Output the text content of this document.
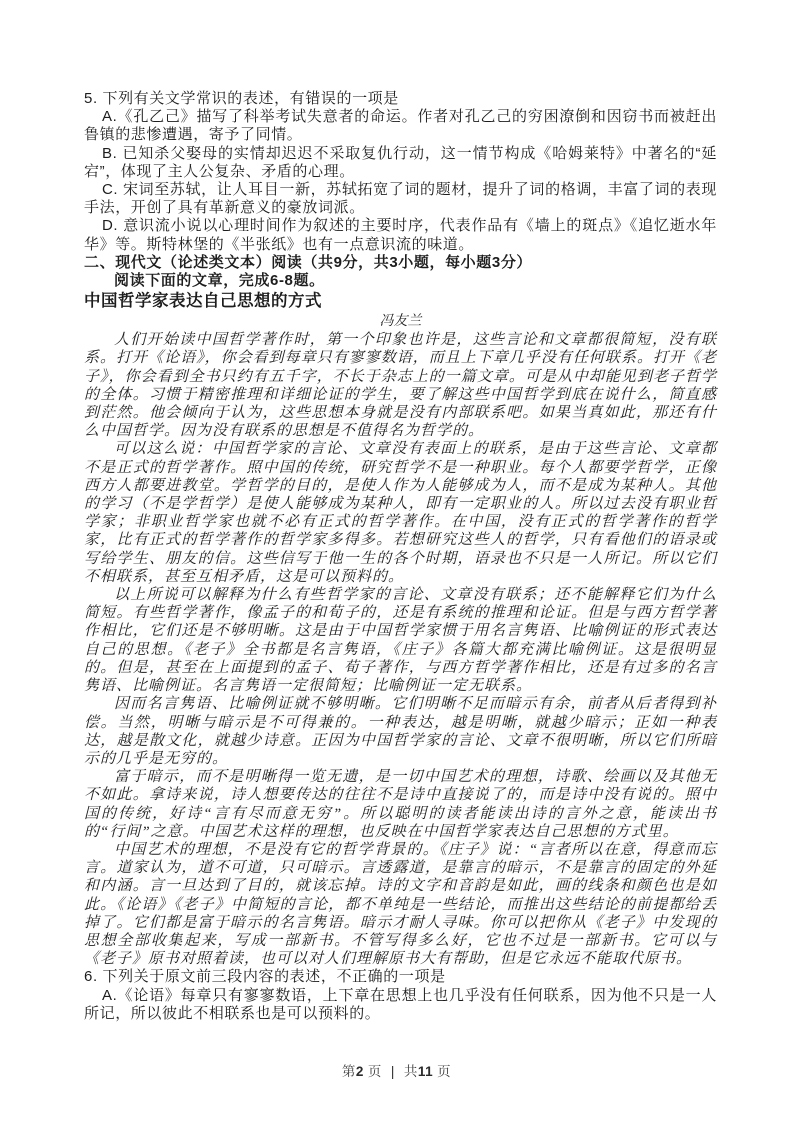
5. 下列有关文学常识的表述，有错误的一项是

A.《孔乙己》描写了科举考试失意者的命运。作者对孔乙己的穷困潦倒和因窃书而被赶出鲁镇的悲惨遭遇，寄予了同情。

B. 已知杀父娶母的实情却迟迟不采取复仇行动，这一情节构成《哈姆莱特》中著名的“延宕”，体现了主人公复杂、矛盾的心理。

C. 宋词至苏轼，让人耳目一新，苏轼拓宽了词的题材，提升了词的格调，丰富了词的表现手法，开创了具有革新意义的豪放词派。

D. 意识流小说以心理时间作为叙述的主要时序，代表作品有《墙上的斑点》《追忆逝水年华》等。斯特林堡的《半张纸》也有一点意识流的味道。

二、现代文（论述类文本）阅读（共9分，共3小题，每小题3分）

阅读下面的文章，完成6-8题。

中国哲学家表达自己思想的方式

冯友兰

人们开始读中国哲学著作时，第一个印象也许是，这些言论和文章都很简短，没有联系。打开《论语》，你会看到每章只有寥寥数语，而且上下章几乎没有任何联系。打开《老子》，你会看到全书只约有五千字，不长于杂志上的一篇文章。可是从中却能见到老子哲学的全体。习惯于精密推理和详细论证的学生，要了解这些中国哲学到底在说什么，简直感到茫然。他会倾向于认为，这些思想本身就是没有内部联系吧。如果当真如此，那还有什么中国哲学。因为没有联系的思想是不值得名为哲学的。

可以这么说：中国哲学家的言论、文章没有表面上的联系，是由于这些言论、文章都不是正式的哲学著作。照中国的传统，研究哲学不是一种职业。每个人都要学哲学，正像西方人都要进教堂。学哲学的目的，是使人作为人能够成为人，而不是成为某种人。其他的学习（不是学哲学）是使人能够成为某种人，即有一定职业的人。所以过去没有职业哲学家；非职业哲学家也就不必有正式的哲学著作。在中国，没有正式的哲学著作的哲学家，比有正式的哲学著作的哲学家多得多。若想研究这些人的哲学，只有看他们的语录或写给学生、朋友的信。这些信写于他一生的各个时期，语录也不只是一人所记。所以它们不相联系，甚至互相矛盾，这是可以预料的。

以上所说可以解释为什么有些哲学家的言论、文章没有联系；还不能解释它们为什么简短。有些哲学著作，像孟子的和荀子的，还是有系统的推理和论证。但是与西方哲学著作相比，它们还是不够明晰。这是由于中国哲学家惯于用名言隽语、比喻例证的形式表达自己的思想。《老子》全书都是名言隽语，《庄子》各篇大都充满比喻例证。这是很明显的。但是，甚至在上面提到的孟子、荀子著作，与西方哲学著作相比，还是有过多的名言隽语、比喻例证。名言隽语一定很简短；比喻例证一定无联系。

因而名言隽语、比喻例证就不够明晰。它们明晰不足而暗示有余，前者从后者得到补偿。当然，明晰与暗示是不可得兼的。一种表达，越是明晰，就越少暗示；正如一种表达，越是散文化，就越少诗意。正因为中国哲学家的言论、文章不很明晰，所以它们所暗示的几乎是无穷的。

富于暗示，而不是明晰得一览无遗，是一切中国艺术的理想，诗歌、绘画以及其他无不如此。拿诗来说，诗人想要传达的往往不是诗中直接说了的，而是诗中没有说的。照中国的传统，好诗“言有尽而意无穷”。所以聪明的读者能读出诗的言外之意，能读出书的“行间”之意。中国艺术这样的理想，也反映在中国哲学家表达自己思想的方式里。

中国艺术的理想，不是没有它的哲学背景的。《庄子》说：“言者所以在意，得意而忘言。道家认为，道不可道，只可暗示。言透露道，是靠言的暗示，不是靠言的固定的外延和内涵。言一旦达到了目的，就该忘掉。诗的文字和音韵是如此，画的线条和颜色也是如此。《论语》《老子》中简短的言论，都不单纯是一些结论，而推出这些结论的前提都给丢掉了。它们都是富于暗示的名言隽语。暗示才耐人寻味。你可以把你从《老子》中发现的思想全部收集起来，写成一部新书。不管写得多么好，它也不过是一部新书。它可以与《老子》原书对照着读，也可以对人们理解原书大有帮助，但是它永远不能取代原书。

6. 下列关于原文前三段内容的表述，不正确的一项是

A.《论语》每章只有寥寥数语，上下章在思想上也几乎没有任何联系，因为他不只是一人所记，所以彼此不相联系也是可以预料的。

第2 页 | 共11 页
